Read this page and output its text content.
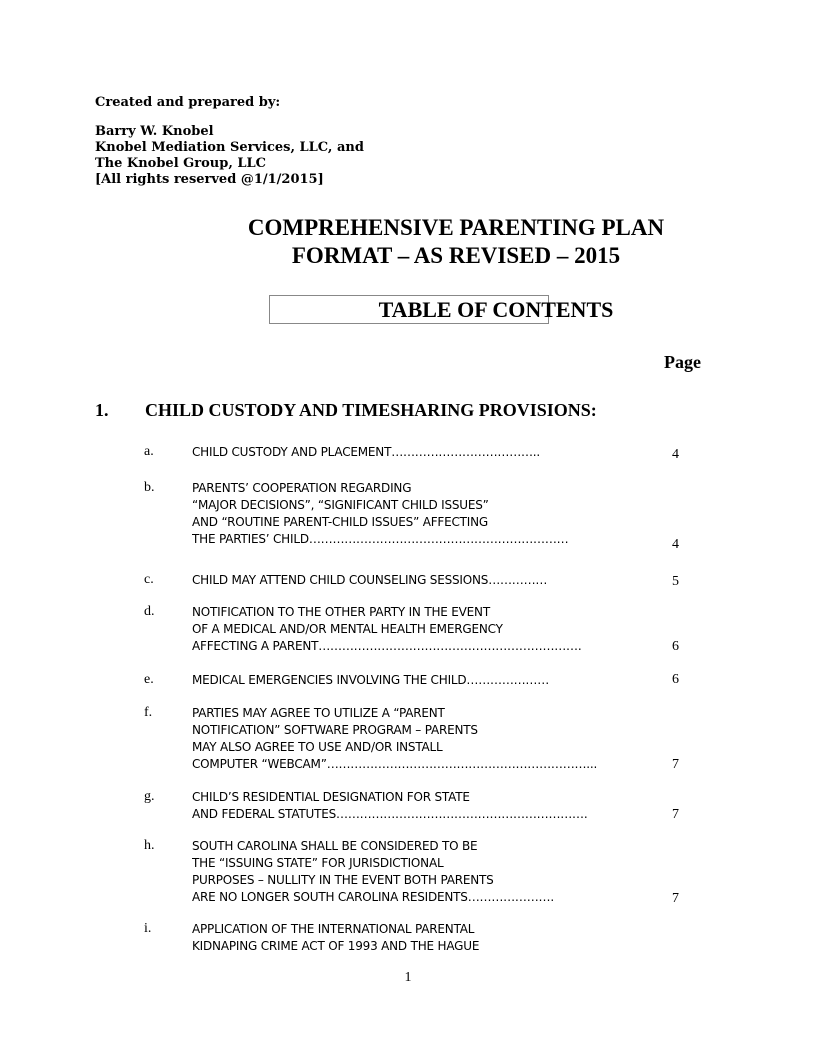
Created and prepared by:
Barry W. Knobel
Knobel Mediation Services, LLC, and
The Knobel Group, LLC
[All rights reserved @1/1/2015]
COMPREHENSIVE PARENTING PLAN
FORMAT – AS REVISED – 2015
TABLE OF CONTENTS
Page
1.	CHILD CUSTODY AND TIMESHARING PROVISIONS:
a.	CHILD CUSTODY AND PLACEMENT………………………………..	4
b.	PARENTS’ COOPERATION REGARDING
“MAJOR DECISIONS”, “SIGNIFICANT CHILD ISSUES”
AND “ROUTINE PARENT-CHILD ISSUES” AFFECTING
THE PARTIES’ CHILD…………………………………………………………	4
c.	CHILD MAY ATTEND CHILD COUNSELING SESSIONS……………	5
d.	NOTIFICATION TO THE OTHER PARTY IN THE EVENT
OF A MEDICAL AND/OR MENTAL HEALTH EMERGENCY
AFFECTING A PARENT………………………………………………………….	6
e.	MEDICAL EMERGENCIES INVOLVING THE CHILD…………………	6
f.	PARTIES MAY AGREE TO UTILIZE A “PARENT
NOTIFICATION” SOFTWARE PROGRAM – PARENTS
MAY ALSO AGREE TO USE AND/OR INSTALL
COMPUTER “WEBCAM”…………………………………………………………...	7
g.	CHILD’S RESIDENTIAL DESIGNATION FOR STATE
AND FEDERAL STATUTES……………………………………………………….	7
h.	SOUTH CAROLINA SHALL BE CONSIDERED TO BE
THE “ISSUING STATE” FOR JURISDICTIONAL
PURPOSES – NULLITY IN THE EVENT BOTH PARENTS
ARE NO LONGER SOUTH CAROLINA RESIDENTS………………….	7
i.	APPLICATION OF THE INTERNATIONAL PARENTAL
KIDNAPING CRIME ACT OF 1993 AND THE HAGUE
1
